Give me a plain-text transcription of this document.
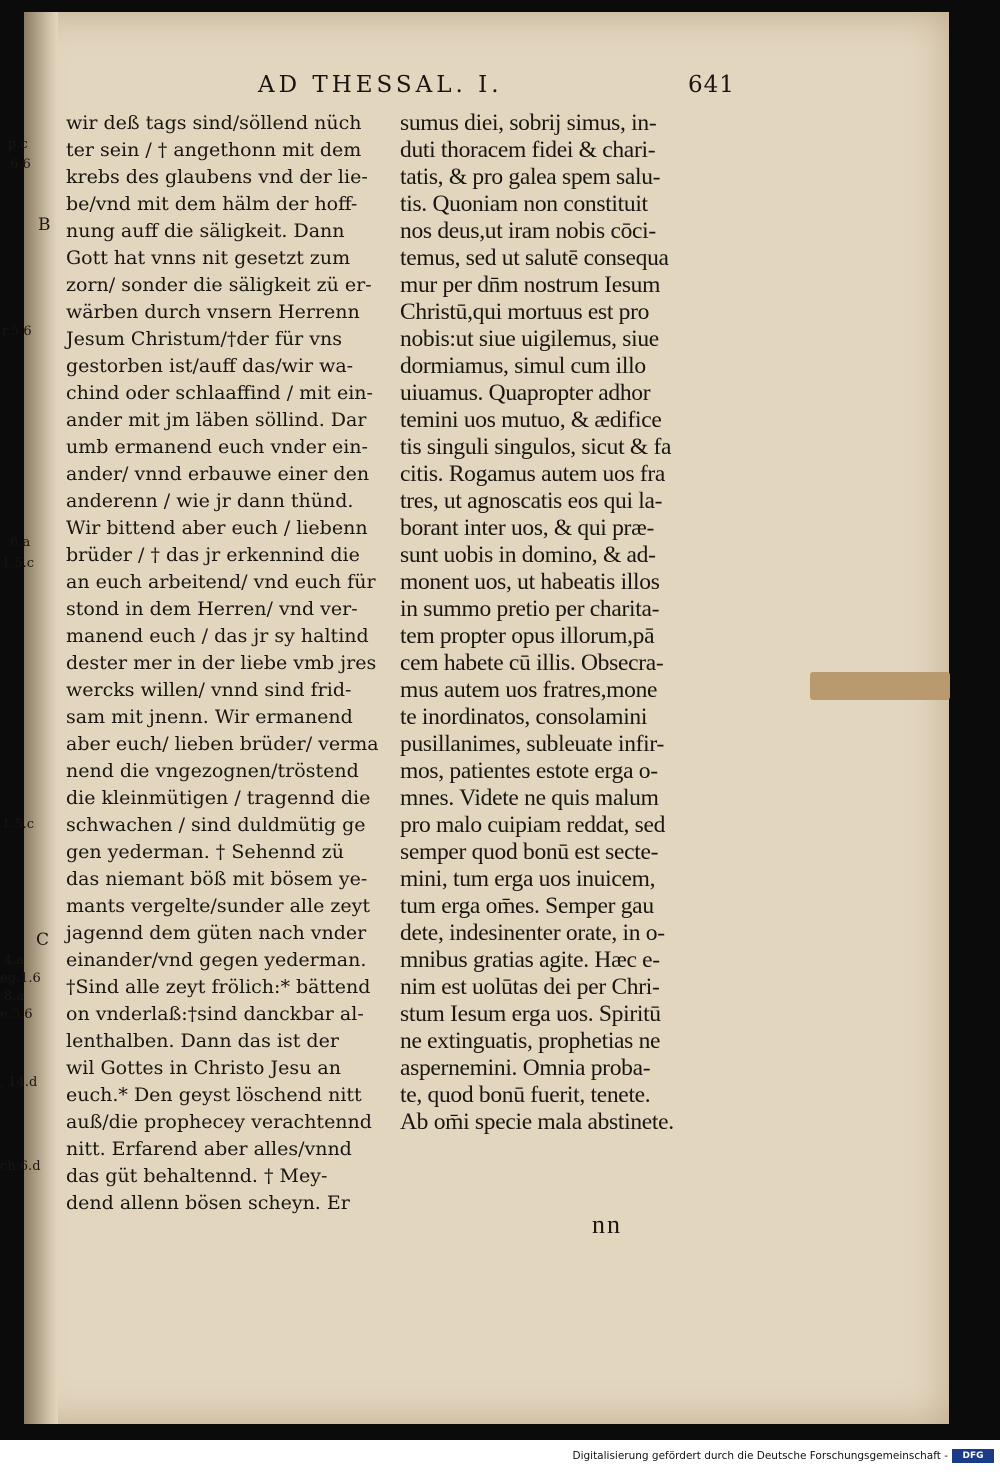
AD THESSAL. I.	641
wir deß tags sind/söllend nüch
ter sein / † angethonn mit dem
krebs des glaubens vnd der lie-
be/vnd mit dem hälm der hoff-
nung auff die säligkeit. Dann
Gott hat vnns nit gesetzt zum
zorn/ sonder die säligkeit zü er-
wärben durch vnsern Herrenn
Jesum Christum/†der für vns
gestorben ist/auff das/wir wa-
chind oder schlaaffind / mit ein-
ander mit jm läben söllind. Dar
umb ermanend euch vnder ein-
ander/ vnnd erbauwe einer den
anderenn / wie jr dann thünd.
Wir bittend aber euch / liebenn
brüder / † das jr erkennind die
an euch arbeitend/ vnd euch für
stond in dem Herren/ vnd ver-
manend euch / das jr sy haltind
dester mer in der liebe vmb jres
wercks willen/ vnnd sind frid-
sam mit jnenn. Wir ermanend
aber euch/ lieben brüder/ verma
nend die vngezognen/tröstend
die kleinmütigen / tragennd die
schwachen / sind duldmütig ge
gen yederman. † Sehennd zü
das niemant böß mit bösem ye-
mants vergelte/sunder alle zeyt
jagennd dem güten nach vnder
einander/vnd gegen yederman.
†Sind alle zeyt frölich:* bättend
on vnderlaß:†sind danckbar al-
lenthalben. Dann das ist der
wil Gottes in Christo Jesu an
euch.* Den geyst löschend nitt
auß/die prophecey verachtennd
nitt. Erfarend aber alles/vnnd
das güt behaltennd. † Mey-
dend allenn bösen scheyn. Er
sumus diei, sobrij simus, in-
duti thoracem fidei & chari-
tatis, & pro galea spem salu-
tis. Quoniam non constituit
nos deus,ut iram nobis cōci-
temus, sed ut salutē consequa
mur per dn̄m nostrum Iesum
Christū,qui mortuus est pro
nobis:ut siue uigilemus, siue
dormiamus, simul cum illo
uiuamus. Quapropter adhor
temini uos mutuo, & ædifice
tis singuli singulos, sicut & fa
citis. Rogamus autem uos fra
tres, ut agnoscatis eos qui la-
borant inter uos, & qui præ-
sunt uobis in domino, & ad-
monent uos, ut habeatis illos
in summo pretio per charita-
tem propter opus illorum,pā
cem habete cū illis. Obsecra-
mus autem uos fratres,mone
te inordinatos, consolamini
pusillanimes, subleuate infir-
mos, patientes estote erga o-
mnes. Videte ne quis malum
pro malo cuipiam reddat, sed
semper quod bonū est secte-
mini, tum erga uos inuicem,
tum erga om̄es. Semper gau
dete, indesinenter orate, in o-
mnibus gratias agite. Hæc e-
nim est uolūtas dei per Chri-
stum Iesum erga uos. Spiritū
ne extinguatis, prophetias ne
aspernemini. Omnia proba-
te, quod bonū fuerit, tenete.
Ab om̄i specie mala abstinete.
p.c
.6.6
r.5.6
.6.a
1.5.c
1.5.c
4.a
eg.1.6
8.a
e.5.6
, 14.d
ch.6.d
B
C
nn
Digitalisierung gefördert durch die Deutsche Forschungsgemeinschaft -	DFG
